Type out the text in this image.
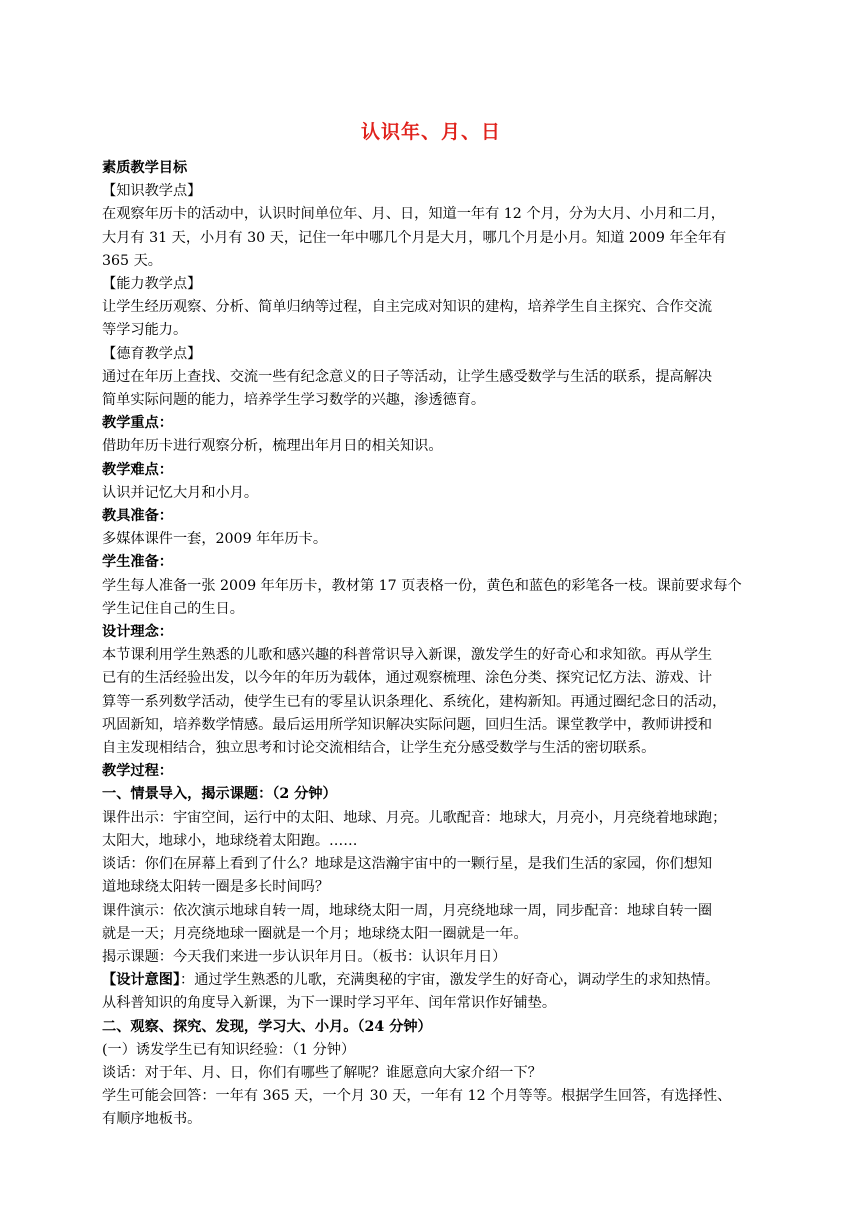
认识年、月、日

素质教学目标

【知识教学点】

在观察年历卡的活动中，认识时间单位年、月、日，知道一年有 12 个月，分为大月、小月和二月，

大月有 31 天，小月有 30 天，记住一年中哪几个月是大月，哪几个月是小月。知道 2009 年全年有

365 天。

【能力教学点】

让学生经历观察、分析、简单归纳等过程，自主完成对知识的建构，培养学生自主探究、合作交流

等学习能力。

【德育教学点】

通过在年历上查找、交流一些有纪念意义的日子等活动，让学生感受数学与生活的联系，提高解决

简单实际问题的能力，培养学生学习数学的兴趣，渗透德育。

教学重点：

借助年历卡进行观察分析，梳理出年月日的相关知识。

教学难点：

认识并记忆大月和小月。

教具准备：

多媒体课件一套，2009 年年历卡。

学生准备：

学生每人准备一张 2009 年年历卡，教材第 17 页表格一份，黄色和蓝色的彩笔各一枝。课前要求每个

学生记住自己的生日。

设计理念：

本节课利用学生熟悉的儿歌和感兴趣的科普常识导入新课，激发学生的好奇心和求知欲。再从学生

已有的生活经验出发，以今年的年历为载体，通过观察梳理、涂色分类、探究记忆方法、游戏、计

算等一系列数学活动，使学生已有的零星认识条理化、系统化，建构新知。再通过圈纪念日的活动，

巩固新知，培养数学情感。最后运用所学知识解决实际问题，回归生活。课堂教学中，教师讲授和

自主发现相结合，独立思考和讨论交流相结合，让学生充分感受数学与生活的密切联系。

教学过程：

一、情景导入，揭示课题：（2 分钟）

课件出示：宇宙空间，运行中的太阳、地球、月亮。儿歌配音：地球大，月亮小，月亮绕着地球跑；

太阳大，地球小，地球绕着太阳跑。……

谈话：你们在屏幕上看到了什么？地球是这浩瀚宇宙中的一颗行星，是我们生活的家园，你们想知

道地球绕太阳转一圈是多长时间吗？

课件演示：依次演示地球自转一周，地球绕太阳一周，月亮绕地球一周，同步配音：地球自转一圈

就是一天；月亮绕地球一圈就是一个月；地球绕太阳一圈就是一年。

揭示课题：今天我们来进一步认识年月日。（板书：认识年月日）

【设计意图】：通过学生熟悉的儿歌，充满奥秘的宇宙，激发学生的好奇心，调动学生的求知热情。

从科普知识的角度导入新课，为下一课时学习平年、闰年常识作好铺垫。

二、观察、探究、发现，学习大、小月。（24 分钟）

(一）诱发学生已有知识经验：（1 分钟）

谈话：对于年、月、日，你们有哪些了解呢？谁愿意向大家介绍一下？

学生可能会回答：一年有 365 天，一个月 30 天，一年有 12 个月等等。根据学生回答，有选择性、

有顺序地板书。
